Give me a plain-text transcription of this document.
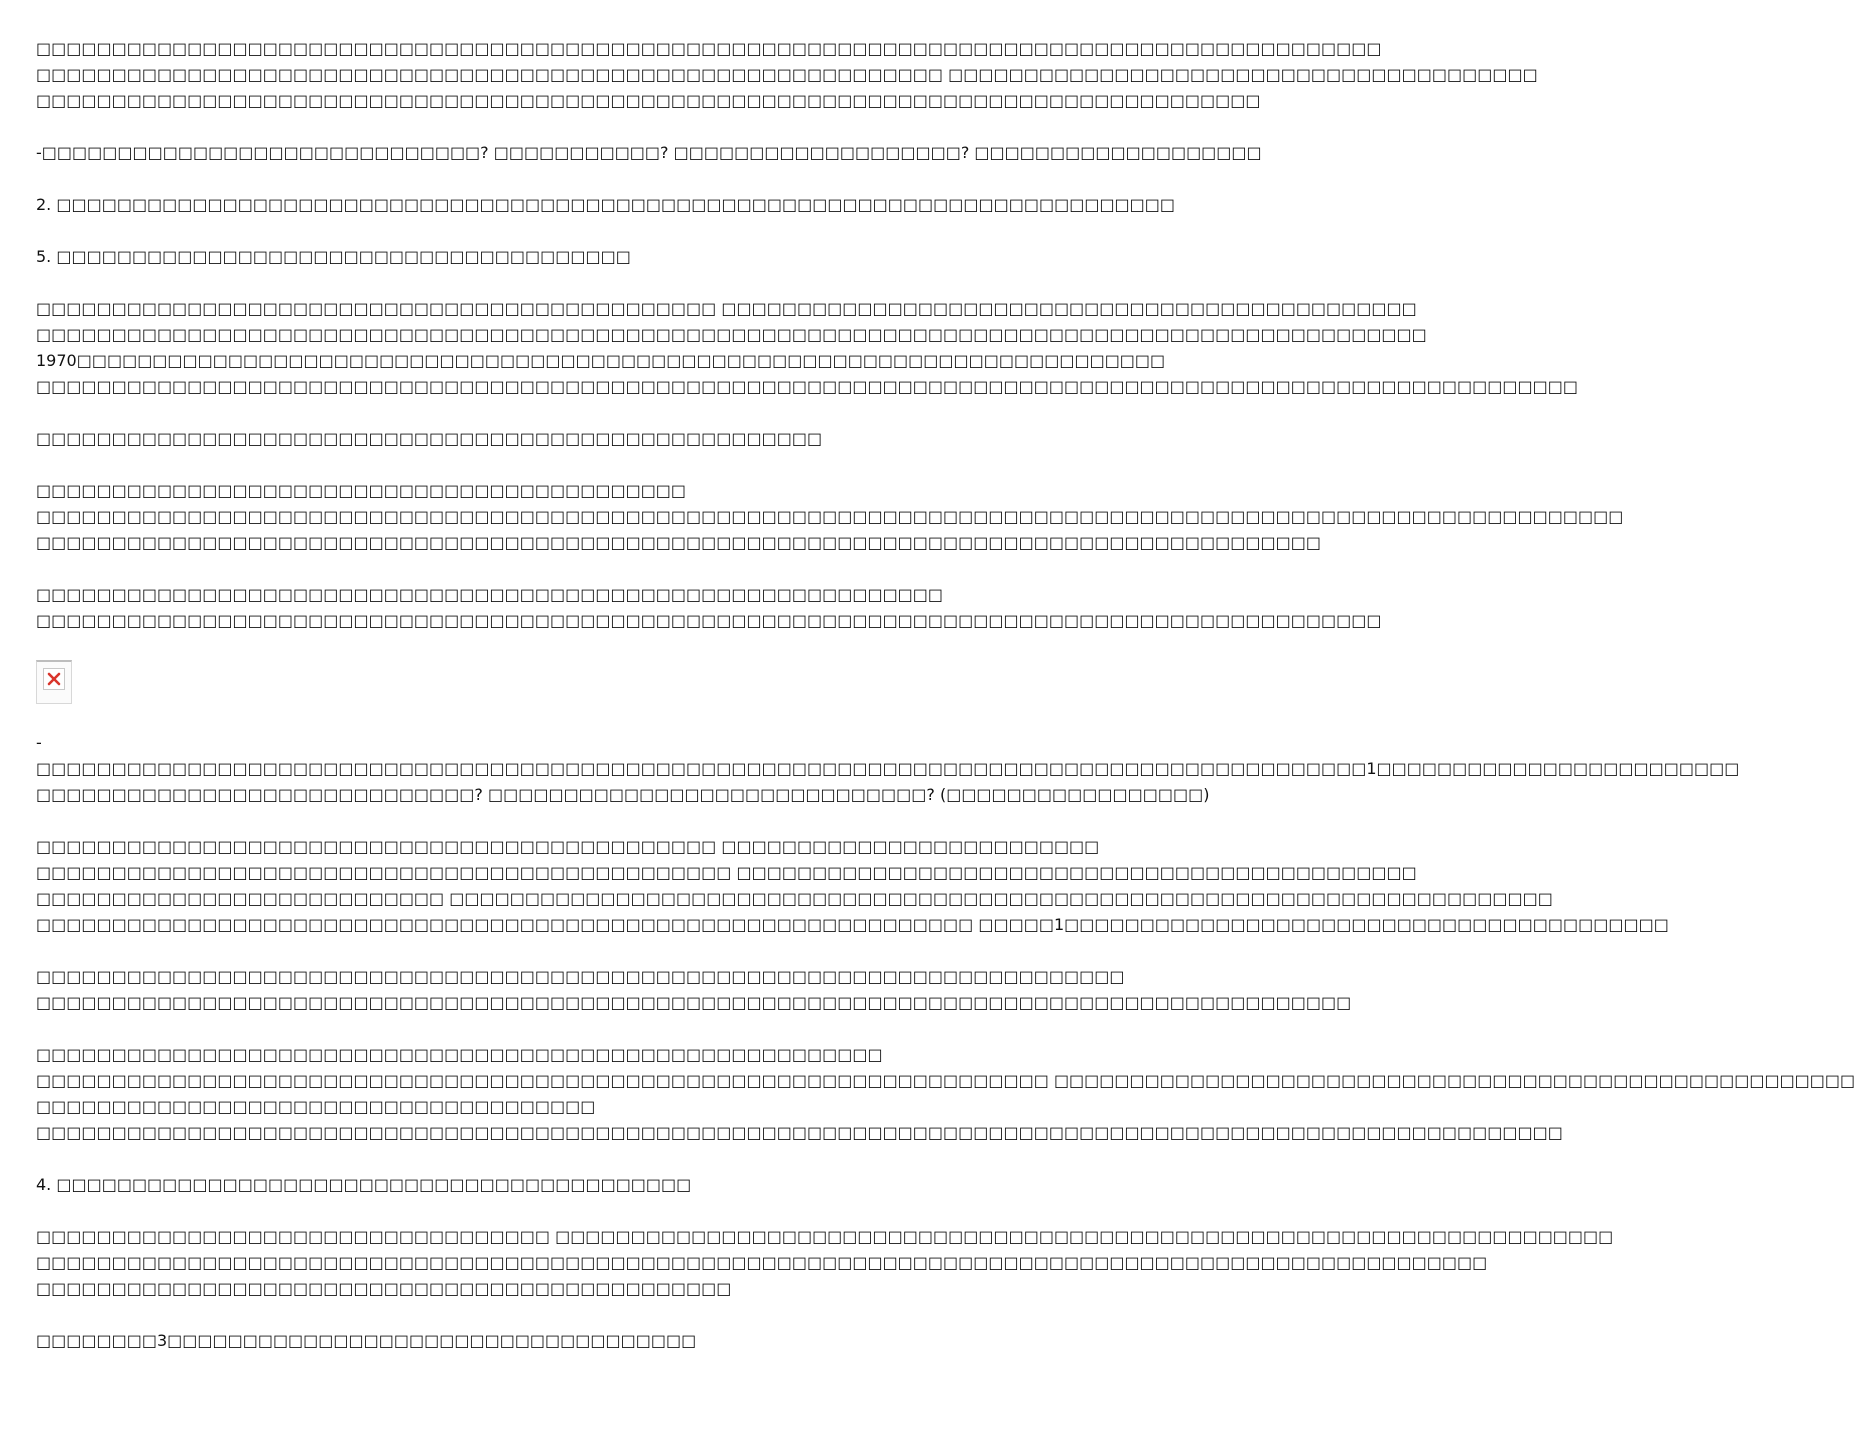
□□□□□□□□□□□□□□□□□□□□□□□□□□□□□□□□□□□□□□□□□□□□□□□□□□□□□□□□□□□□□□□□□□□□□□□□□□□□□□□□□□□□□□□□□
□□□□□□□□□□□□□□□□□□□□□□□□□□□□□□□□□□□□□□□□□□□□□□□□□□□□□□□□□□□□ □□□□□□□□□□□□□□□□□□□□□□□□□□□□□□□□□□□□□□□
□□□□□□□□□□□□□□□□□□□□□□□□□□□□□□□□□□□□□□□□□□□□□□□□□□□□□□□□□□□□□□□□□□□□□□□□□□□□□□□□□

-□□□□□□□□□□□□□□□□□□□□□□□□□□□□□? □□□□□□□□□□□? □□□□□□□□□□□□□□□□□□□? □□□□□□□□□□□□□□□□□□□

2. □□□□□□□□□□□□□□□□□□□□□□□□□□□□□□□□□□□□□□□□□□□□□□□□□□□□□□□□□□□□□□□□□□□□□□□□□□

5. □□□□□□□□□□□□□□□□□□□□□□□□□□□□□□□□□□□□□□

□□□□□□□□□□□□□□□□□□□□□□□□□□□□□□□□□□□□□□□□□□□□□ □□□□□□□□□□□□□□□□□□□□□□□□□□□□□□□□□□□□□□□□□□□□□□
□□□□□□□□□□□□□□□□□□□□□□□□□□□□□□□□□□□□□□□□□□□□□□□□□□□□□□□□□□□□□□□□□□□□□□□□□□□□□□□□□□□□□□□□□□□□
1970□□□□□□□□□□□□□□□□□□□□□□□□□□□□□□□□□□□□□□□□□□□□□□□□□□□□□□□□□□□□□□□□□□□□□□□□
□□□□□□□□□□□□□□□□□□□□□□□□□□□□□□□□□□□□□□□□□□□□□□□□□□□□□□□□□□□□□□□□□□□□□□□□□□□□□□□□□□□□□□□□□□□□□□□□□□□□□□

□□□□□□□□□□□□□□□□□□□□□□□□□□□□□□□□□□□□□□□□□□□□□□□□□□□□

□□□□□□□□□□□□□□□□□□□□□□□□□□□□□□□□□□□□□□□□□□□
□□□□□□□□□□□□□□□□□□□□□□□□□□□□□□□□□□□□□□□□□□□□□□□□□□□□□□□□□□□□□□□□□□□□□□□□□□□□□□□□□□□□□□□□□□□□□□□□□□□□□□□□□
□□□□□□□□□□□□□□□□□□□□□□□□□□□□□□□□□□□□□□□□□□□□□□□□□□□□□□□□□□□□□□□□□□□□□□□□□□□□□□□□□□□□□

□□□□□□□□□□□□□□□□□□□□□□□□□□□□□□□□□□□□□□□□□□□□□□□□□□□□□□□□□□□□
□□□□□□□□□□□□□□□□□□□□□□□□□□□□□□□□□□□□□□□□□□□□□□□□□□□□□□□□□□□□□□□□□□□□□□□□□□□□□□□□□□□□□□□□□

-
□□□□□□□□□□□□□□□□□□□□□□□□□□□□□□□□□□□□□□□□□□□□□□□□□□□□□□□□□□□□□□□□□□□□□□□□□□□□□□□□□□□□□□□□1□□□□□□□□□□□□□□□□□□□□□□□□
□□□□□□□□□□□□□□□□□□□□□□□□□□□□□? □□□□□□□□□□□□□□□□□□□□□□□□□□□□□? (□□□□□□□□□□□□□□□□□)

□□□□□□□□□□□□□□□□□□□□□□□□□□□□□□□□□□□□□□□□□□□□□ □□□□□□□□□□□□□□□□□□□□□□□□□
□□□□□□□□□□□□□□□□□□□□□□□□□□□□□□□□□□□□□□□□□□□□□□ □□□□□□□□□□□□□□□□□□□□□□□□□□□□□□□□□□□□□□□□□□□□□
□□□□□□□□□□□□□□□□□□□□□□□□□□□ □□□□□□□□□□□□□□□□□□□□□□□□□□□□□□□□□□□□□□□□□□□□□□□□□□□□□□□□□□□□□□□□□□□□□□□□□
□□□□□□□□□□□□□□□□□□□□□□□□□□□□□□□□□□□□□□□□□□□□□□□□□□□□□□□□□□□□□□ □□□□□1□□□□□□□□□□□□□□□□□□□□□□□□□□□□□□□□□□□□□□□□

□□□□□□□□□□□□□□□□□□□□□□□□□□□□□□□□□□□□□□□□□□□□□□□□□□□□□□□□□□□□□□□□□□□□□□□□
□□□□□□□□□□□□□□□□□□□□□□□□□□□□□□□□□□□□□□□□□□□□□□□□□□□□□□□□□□□□□□□□□□□□□□□□□□□□□□□□□□□□□□□

□□□□□□□□□□□□□□□□□□□□□□□□□□□□□□□□□□□□□□□□□□□□□□□□□□□□□□□□
□□□□□□□□□□□□□□□□□□□□□□□□□□□□□□□□□□□□□□□□□□□□□□□□□□□□□□□□□□□□□□□□□□□ □□□□□□□□□□□□□□□□□□□□□□□□□□□□□□□□□□□□□□□□□□□□□□□□□□□□□
□□□□□□□□□□□□□□□□□□□□□□□□□□□□□□□□□□□□□
□□□□□□□□□□□□□□□□□□□□□□□□□□□□□□□□□□□□□□□□□□□□□□□□□□□□□□□□□□□□□□□□□□□□□□□□□□□□□□□□□□□□□□□□□□□□□□□□□□□□□

4. □□□□□□□□□□□□□□□□□□□□□□□□□□□□□□□□□□□□□□□□□□

□□□□□□□□□□□□□□□□□□□□□□□□□□□□□□□□□□ □□□□□□□□□□□□□□□□□□□□□□□□□□□□□□□□□□□□□□□□□□□□□□□□□□□□□□□□□□□□□□□□□□□□□□
□□□□□□□□□□□□□□□□□□□□□□□□□□□□□□□□□□□□□□□□□□□□□□□□□□□□□□□□□□□□□□□□□□□□□□□□□□□□□□□□□□□□□□□□□□□□□□□□
□□□□□□□□□□□□□□□□□□□□□□□□□□□□□□□□□□□□□□□□□□□□□□

□□□□□□□□3□□□□□□□□□□□□□□□□□□□□□□□□□□□□□□□□□□□
